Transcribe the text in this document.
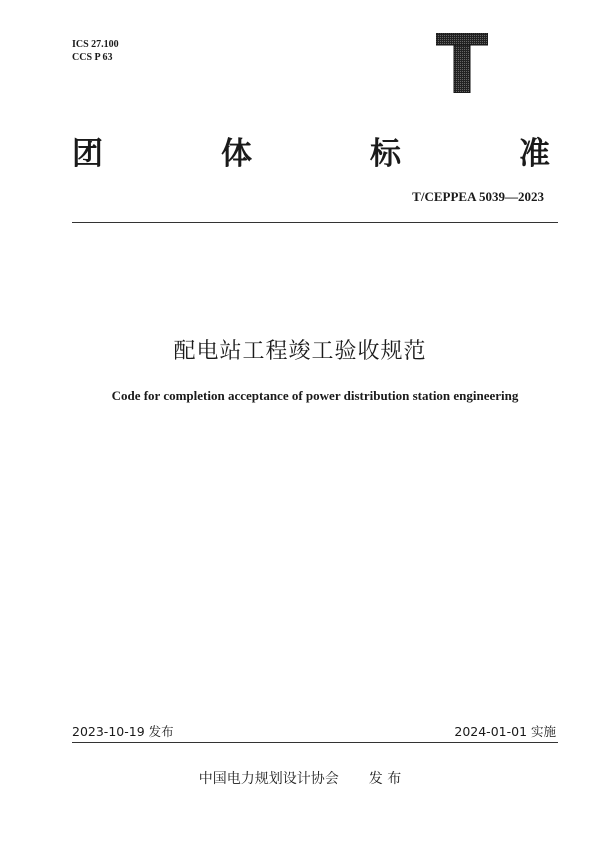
ICS 27.100
CCS P 63
团	体	标	准
T/CEPPEA 5039—2023
配电站工程竣工验收规范
Code for completion acceptance of power distribution station engineering
2023-10-19 发布	2024-01-01 实施
中国电力规划设计协会 发 布
